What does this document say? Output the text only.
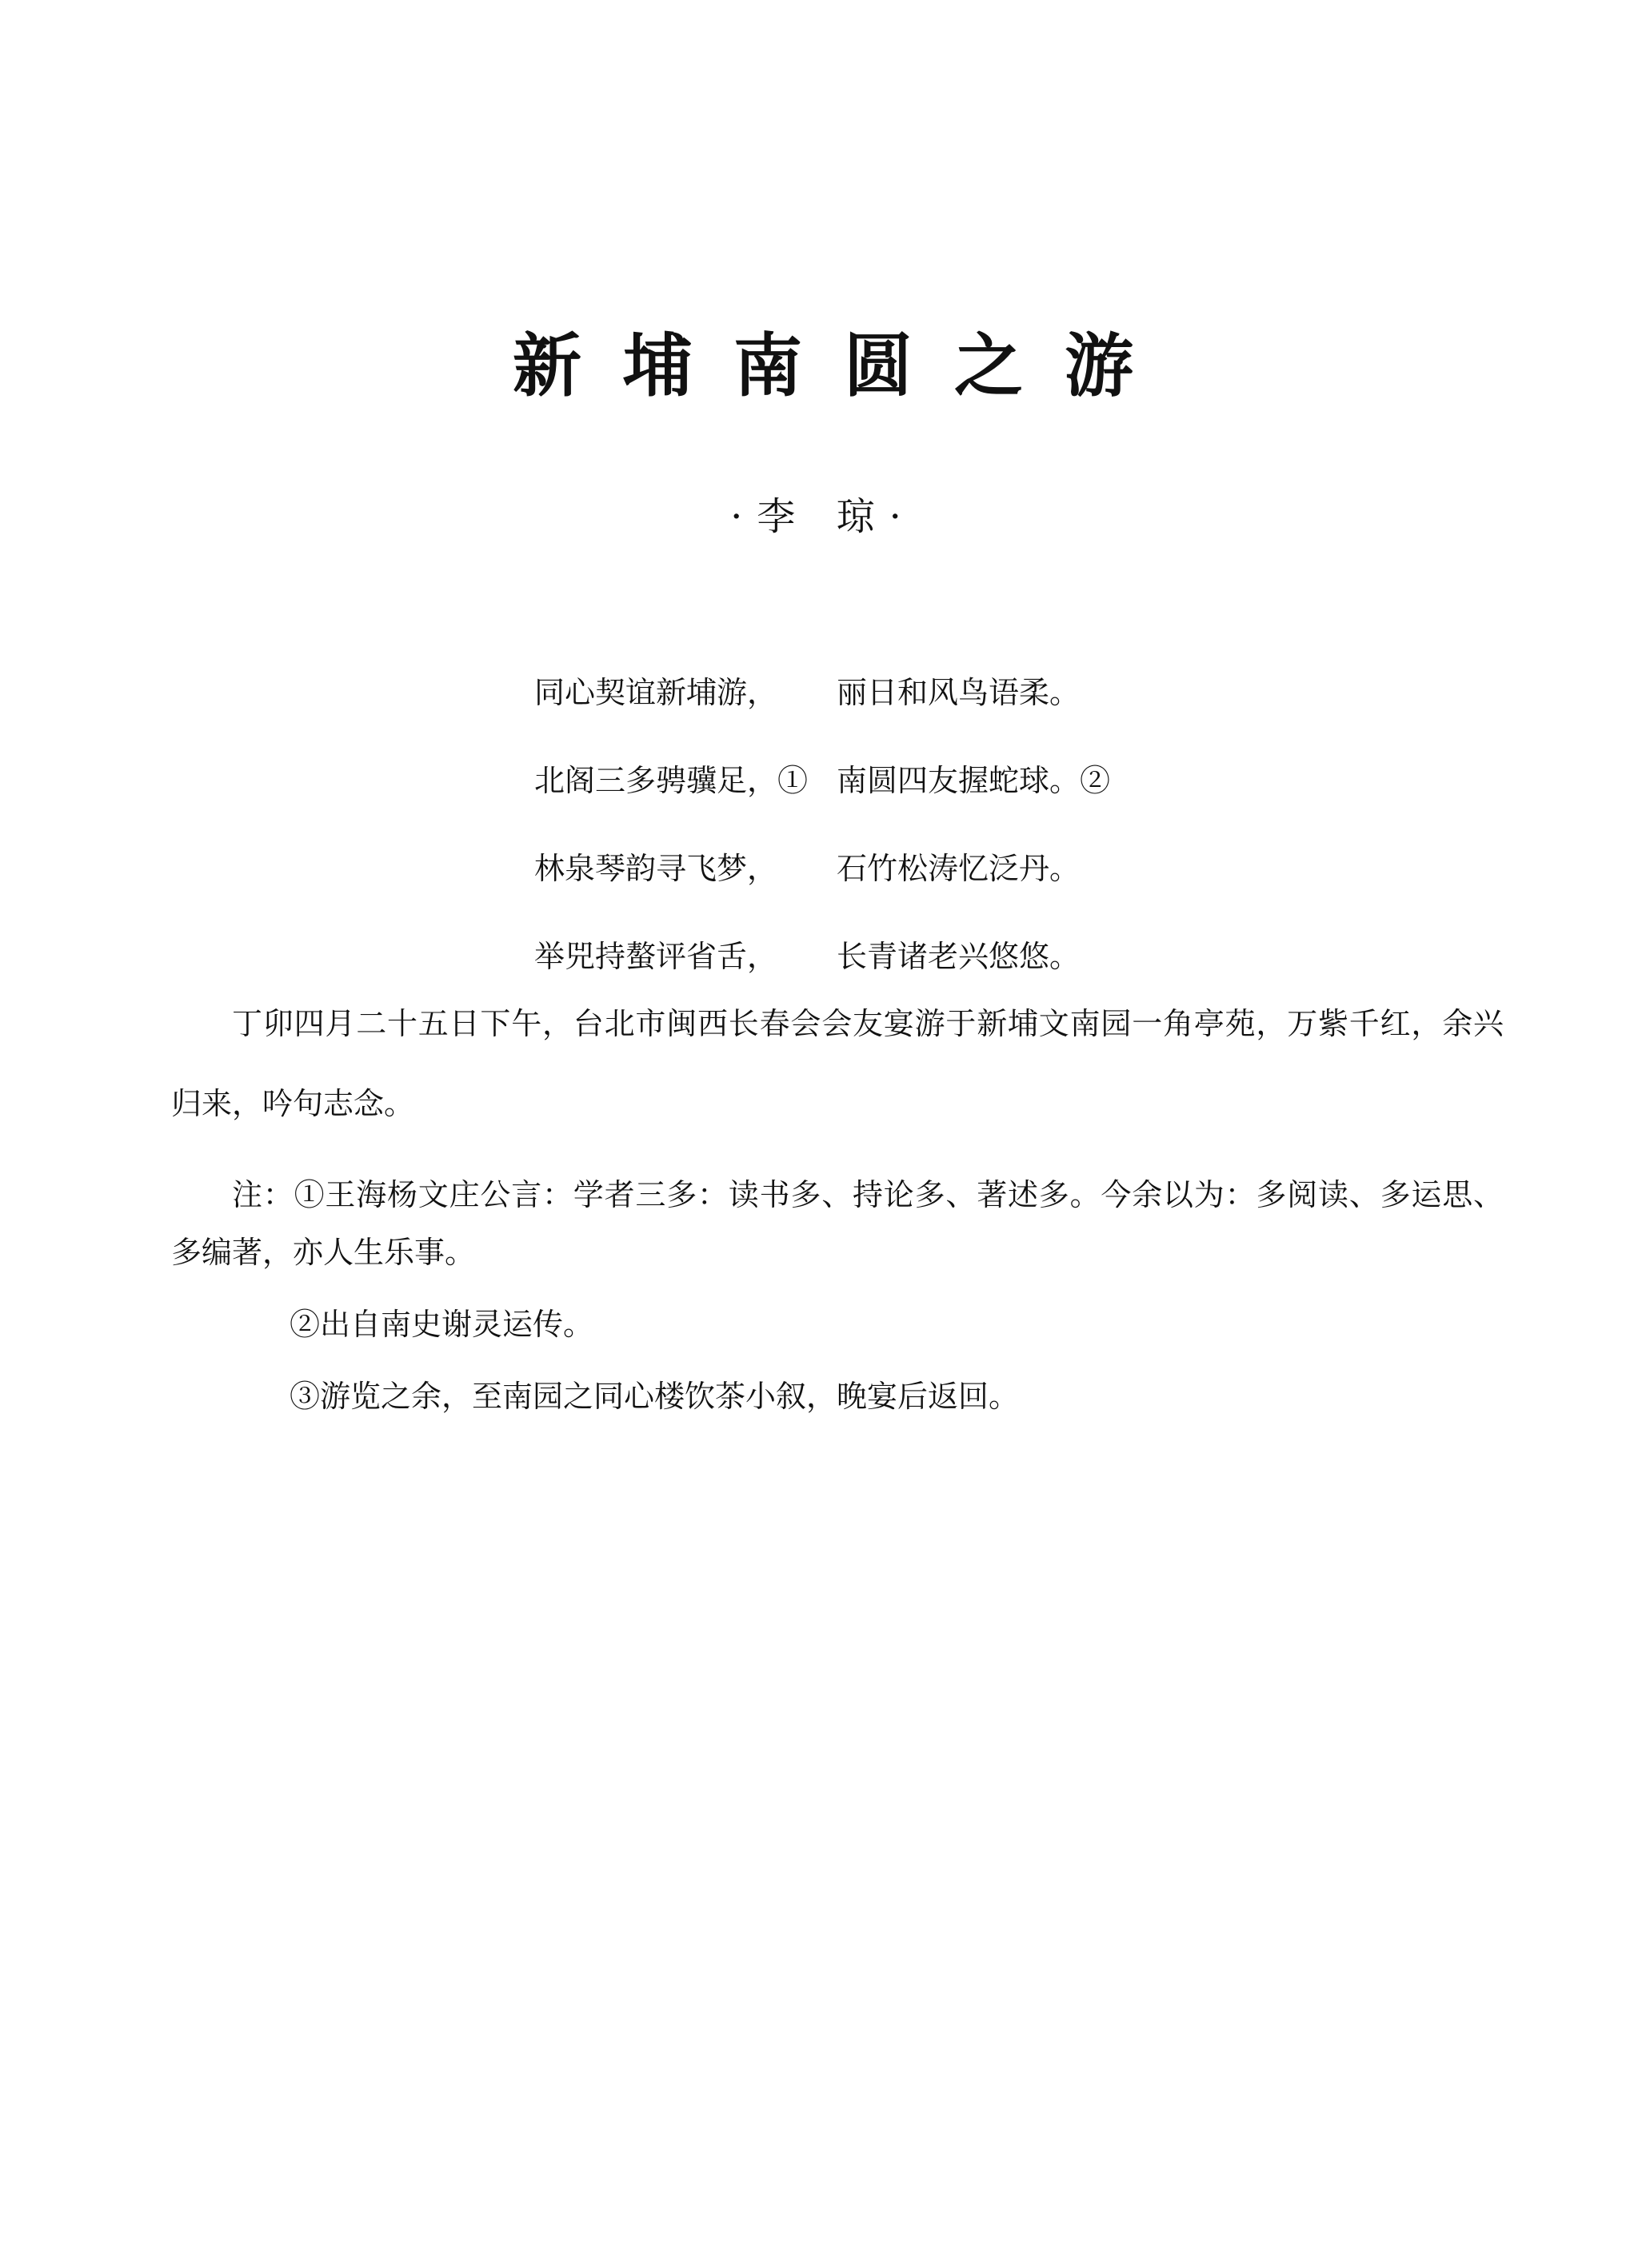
新埔南圆之游
·李 琼·
同心契谊新埔游， 丽日和风鸟语柔。
北阁三多骋骥足，① 南圆四友握蛇球。②
林泉琴韵寻飞梦， 石竹松涛忆泛丹。
举兕持螯评省舌， 长青诸老兴悠悠。
丁卯四月二十五日下午，台北市闽西长春会会友宴游于新埔文南园一角亭苑，万紫千红，余兴归来，吟句志念。
注：①王海杨文庄公言：学者三多：读书多、持论多、著述多。今余以为：多阅读、多运思、多编著，亦人生乐事。
②出自南史谢灵运传。
③游览之余，至南园之同心楼饮茶小叙，晚宴后返回。
